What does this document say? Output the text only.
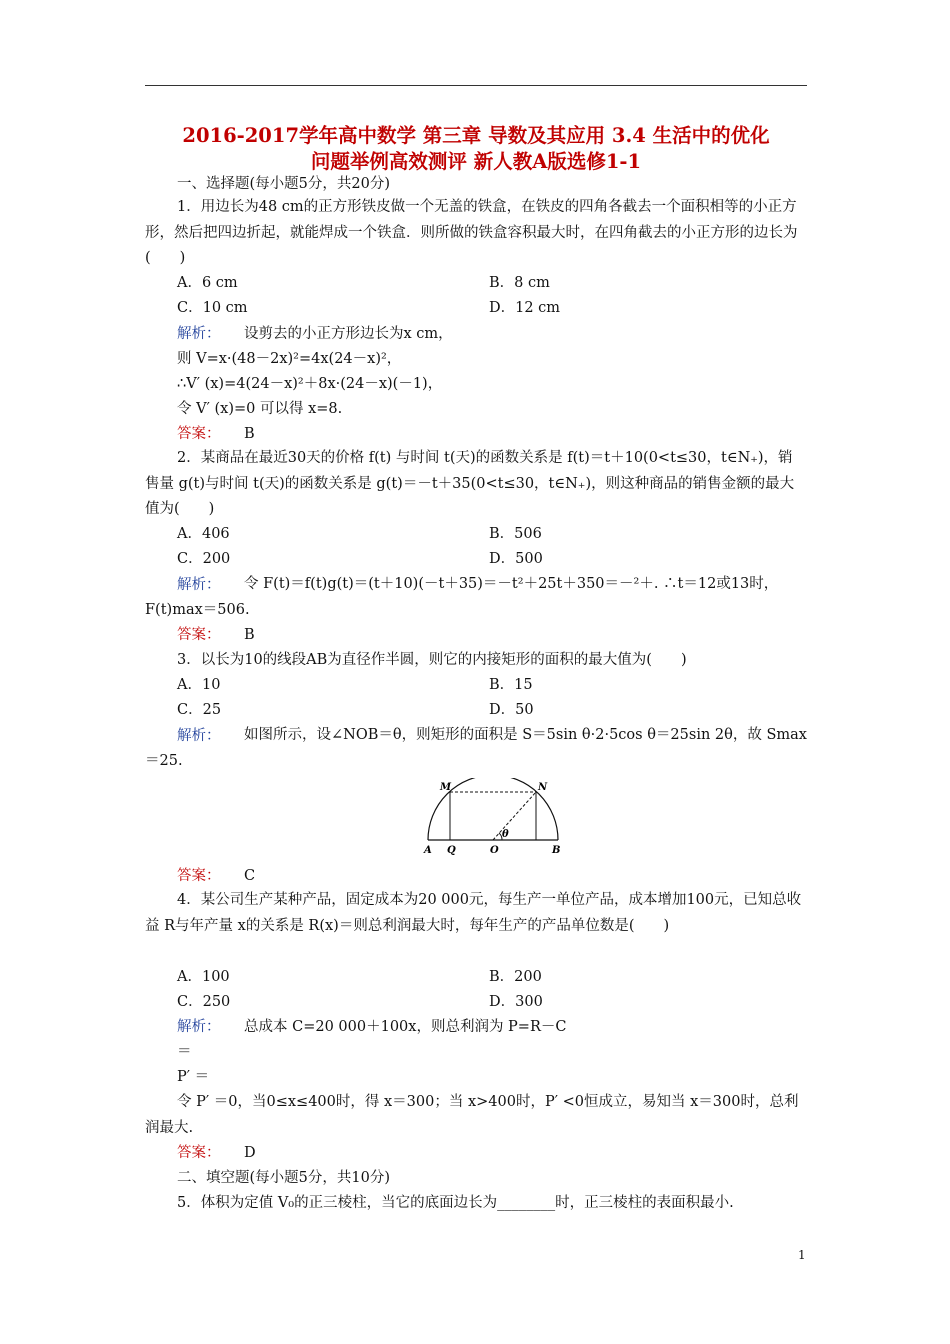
2016-2017学年高中数学 第三章 导数及其应用 3.4 生活中的优化
问题举例高效测评 新人教A版选修1-1
一、选择题(每小题5分，共20分)
1．用边长为48 cm的正方形铁皮做一个无盖的铁盒，在铁皮的四角各截去一个面积相等的小正方形，然后把四边折起，就能焊成一个铁盒．则所做的铁盒容积最大时，在四角截去的小正方形的边长为(　　)
A．6 cm	B．8 cm
C．10 cm	D．12 cm
解析： 设剪去的小正方形边长为x cm，
则 V=x·(48－2x)²=4x(24－x)²，
∴V′ (x)=4(24－x)²＋8x·(24－x)(－1)，
令 V′ (x)=0 可以得 x=8.
答案： B
2．某商品在最近30天的价格 f(t) 与时间 t(天)的函数关系是 f(t)＝t＋10(0<t≤30，t∈N₊)，销售量 g(t)与时间 t(天)的函数关系是 g(t)＝－t＋35(0<t≤30，t∈N₊)，则这种商品的销售金额的最大值为(　　)
A．406	B．506
C．200	D．500
解析：	令 F(t)＝f(t)g(t)＝(t＋10)(－t＋35)＝－t²＋25t＋350＝－²＋. ∴t＝12或13时，F(t)max＝506.
答案： B
3．以长为10的线段AB为直径作半圆，则它的内接矩形的面积的最大值为(　　)
A．10	B．15
C．25	D．50
解析：	如图所示，设∠NOB＝θ，则矩形的面积是 S＝5sin θ·2·5cos θ＝25sin 2θ，故 Smax＝25.
θ
M	N
A Q	O	B
答案： C
4．某公司生产某种产品，固定成本为20 000元，每生产一单位产品，成本增加100元，已知总收益 R与年产量 x的关系是 R(x)＝则总利润最大时，每年生产的产品单位数是(　　)
A．100	B．200
C．250	D．300
解析： 总成本 C=20 000＋100x，则总利润为 P=R－C
＝
P′ ＝
令 P′ ＝0，当0≤x≤400时，得 x＝300；当 x>400时，P′ <0恒成立，易知当 x＝300时，总利润最大.
答案： D
二、填空题(每小题5分，共10分)
5．体积为定值 V₀的正三棱柱，当它的底面边长为________时，正三棱柱的表面积最小.
1
